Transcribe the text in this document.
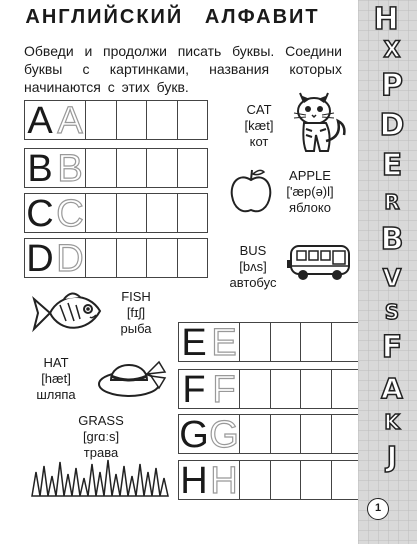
АНГЛИЙСКИЙ АЛФАВИТ
Обведи и продолжи писать буквы. Соедини буквы с картинками, названия которых начинаются с этих букв.
A A
B B
C C
D D
E E
F F
G G
H H
CAT
[kæt]
кот
APPLE
['æp(ə)l]
яблоко
BUS
[bʌs]
автобус
FISH
[fɪʃ]
рыба
HAT
[hæt]
шляпа
GRASS
[grɑːs]
трава
H
X
P
D
E
R
B
V
S
F
A
K
J
1
